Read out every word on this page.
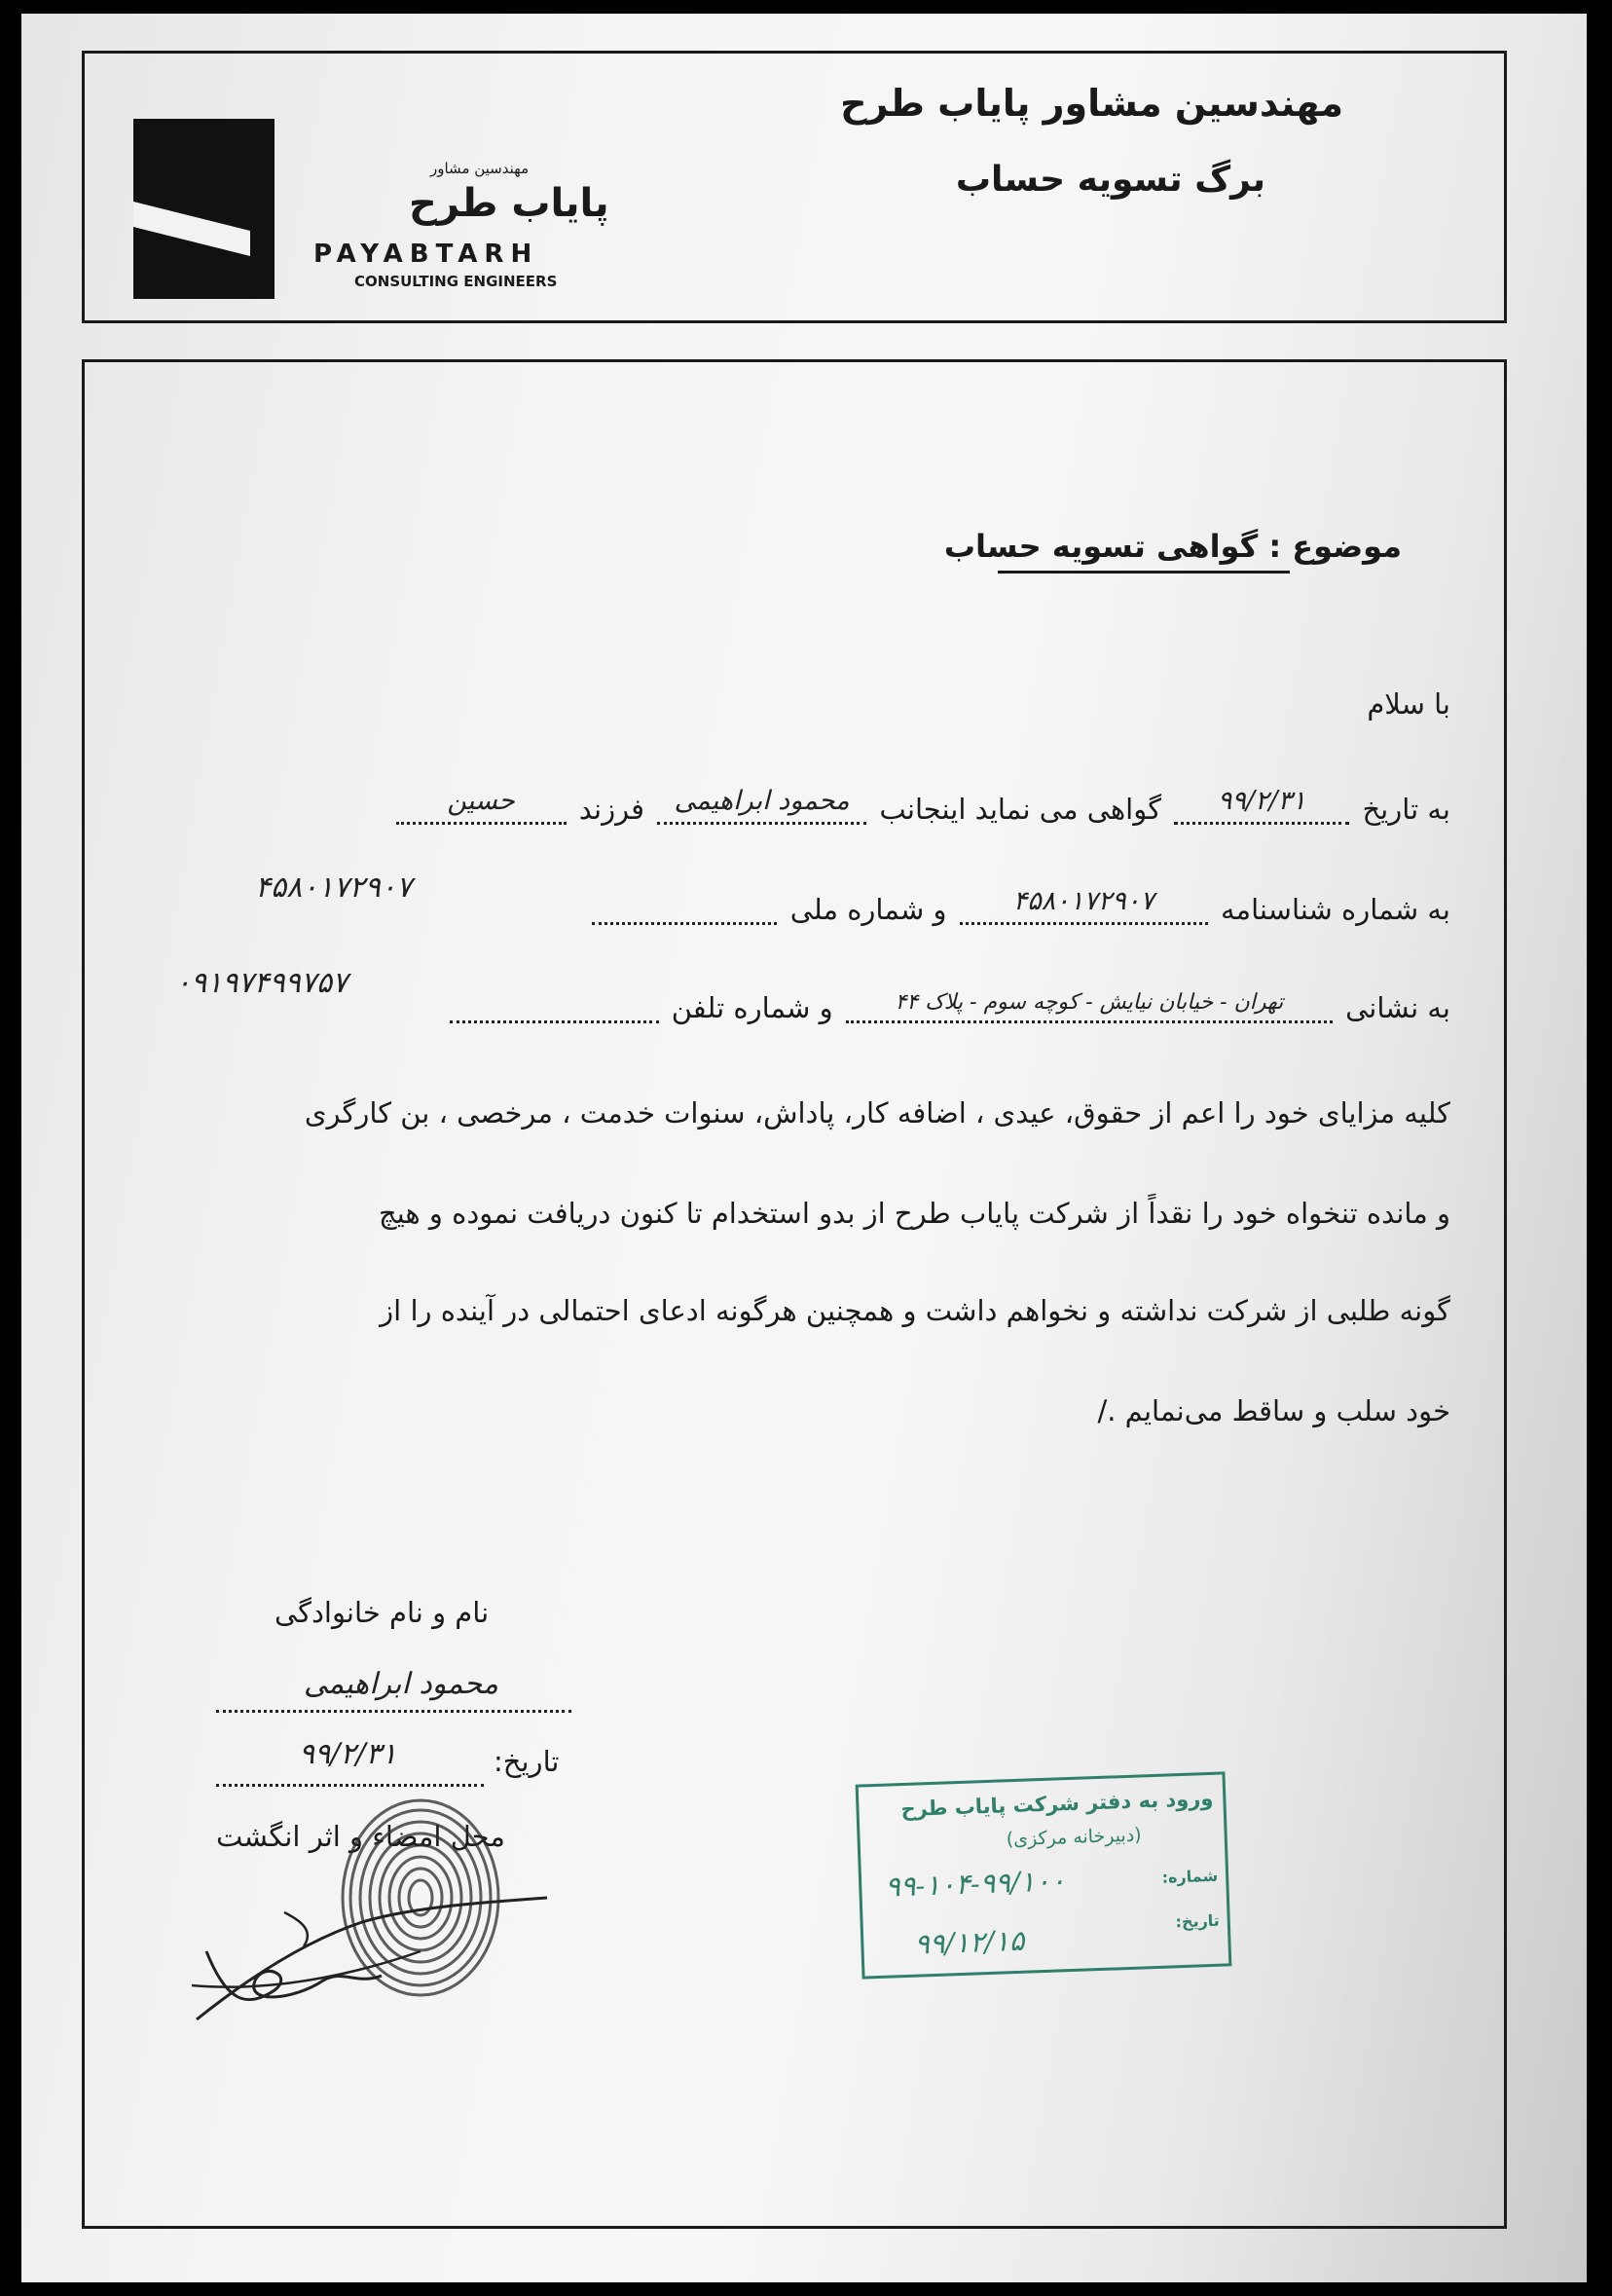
مهندسین مشاور
پایاب طرح
PAYABTARH
CONSULTING ENGINEERS
مهندسین مشاور پایاب طرح
برگ تسویه حساب
موضوع : گواهی تسویه حساب
با سلام
به تاریخ
۹۹/۲/۳۱
گواهی می نماید اینجانب
محمود ابراهیمی
فرزند
حسین
به شماره شناسنامه
۴۵۸۰۱۷۲۹۰۷
و شماره ملی
۴۵۸۰۱۷۲۹۰۷
به نشانی
تهران - خیابان نیایش - کوچه سوم - پلاک ۴۴
و شماره تلفن
۰۹۱۹۷۴۹۹۷۵۷
کلیه مزایای خود را اعم از حقوق، عیدی ، اضافه کار، پاداش، سنوات خدمت ، مرخصی ، بن کارگری
و مانده تنخواه خود را نقداً از شرکت پایاب طرح از بدو استخدام تا کنون دریافت نموده و هیچ
گونه طلبی از شرکت نداشته و نخواهم داشت و همچنین هرگونه ادعای احتمالی در آینده را از
خود سلب و ساقط می‌نمایم ./
نام و نام خانوادگی
محمود ابراهیمی
تاریخ:
۹۹/۲/۳۱
محل امضاء و اثر انگشت
ورود به دفتر شرکت پایاب طرح
(دبیرخانه مرکزی)
شماره:
۹۹-۱۰۴-۹۹/۱۰۰
تاریخ:
۹۹/۱۲/۱۵
